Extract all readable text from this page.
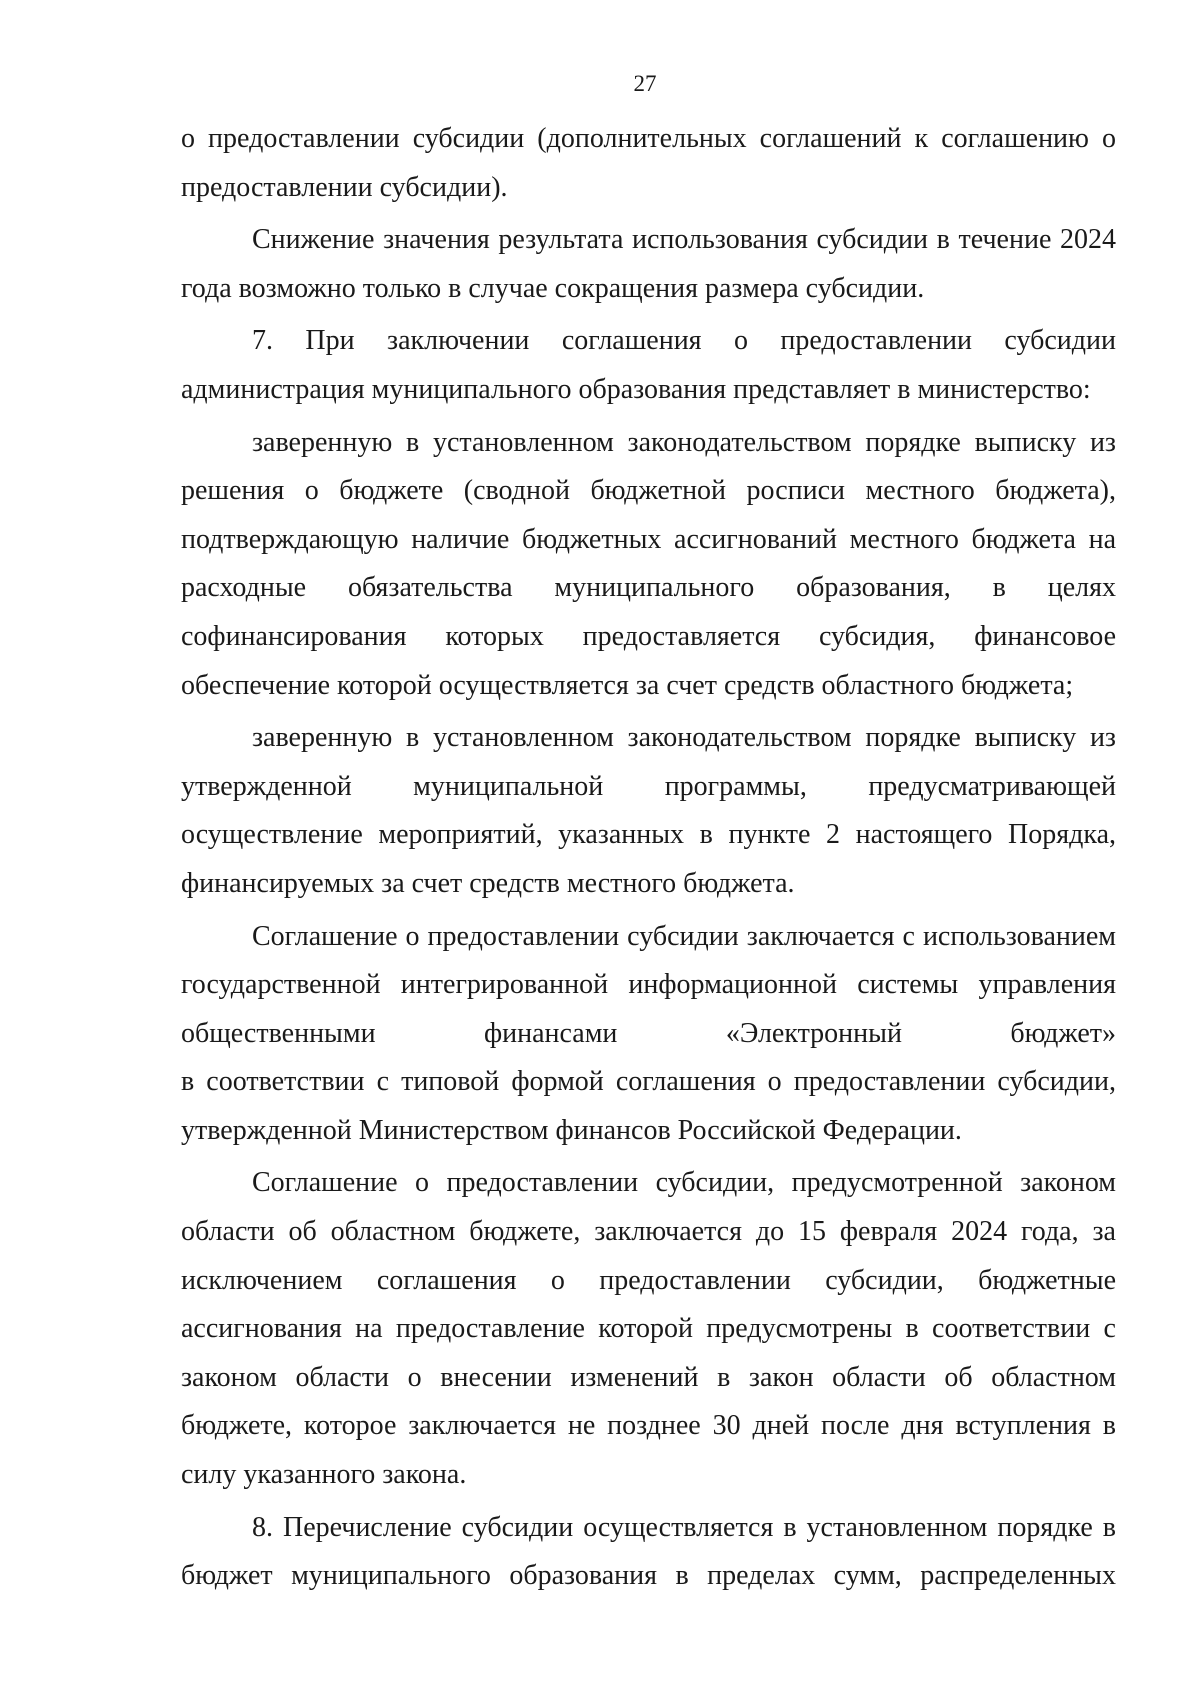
27

о предоставлении субсидии (дополнительных соглашений к соглашению о предоставлении субсидии).

Снижение значения результата использования субсидии в течение 2024 года возможно только в случае сокращения размера субсидии.

7. При заключении соглашения о предоставлении субсидии администрация муниципального образования представляет в министерство:

заверенную в установленном законодательством порядке выписку из решения о бюджете (сводной бюджетной росписи местного бюджета), подтверждающую наличие бюджетных ассигнований местного бюджета на расходные обязательства муниципального образования, в целях софинансирования которых предоставляется субсидия, финансовое обеспечение которой осуществляется за счет средств областного бюджета;

заверенную в установленном законодательством порядке выписку из утвержденной муниципальной программы, предусматривающей осуществление мероприятий, указанных в пункте 2 настоящего Порядка, финансируемых за счет средств местного бюджета.

Соглашение о предоставлении субсидии заключается с использованием государственной интегрированной информационной системы управления общественными финансами «Электронный бюджет»

в соответствии с типовой формой соглашения о предоставлении субсидии, утвержденной Министерством финансов Российской Федерации.

Соглашение о предоставлении субсидии, предусмотренной законом области об областном бюджете, заключается до 15 февраля 2024 года, за исключением соглашения о предоставлении субсидии, бюджетные ассигнования на предоставление которой предусмотрены в соответствии с законом области о внесении изменений в закон области об областном бюджете, которое заключается не позднее 30 дней после дня вступления в силу указанного закона.

8. Перечисление субсидии осуществляется в установленном порядке в бюджет муниципального образования в пределах сумм, распределенных
